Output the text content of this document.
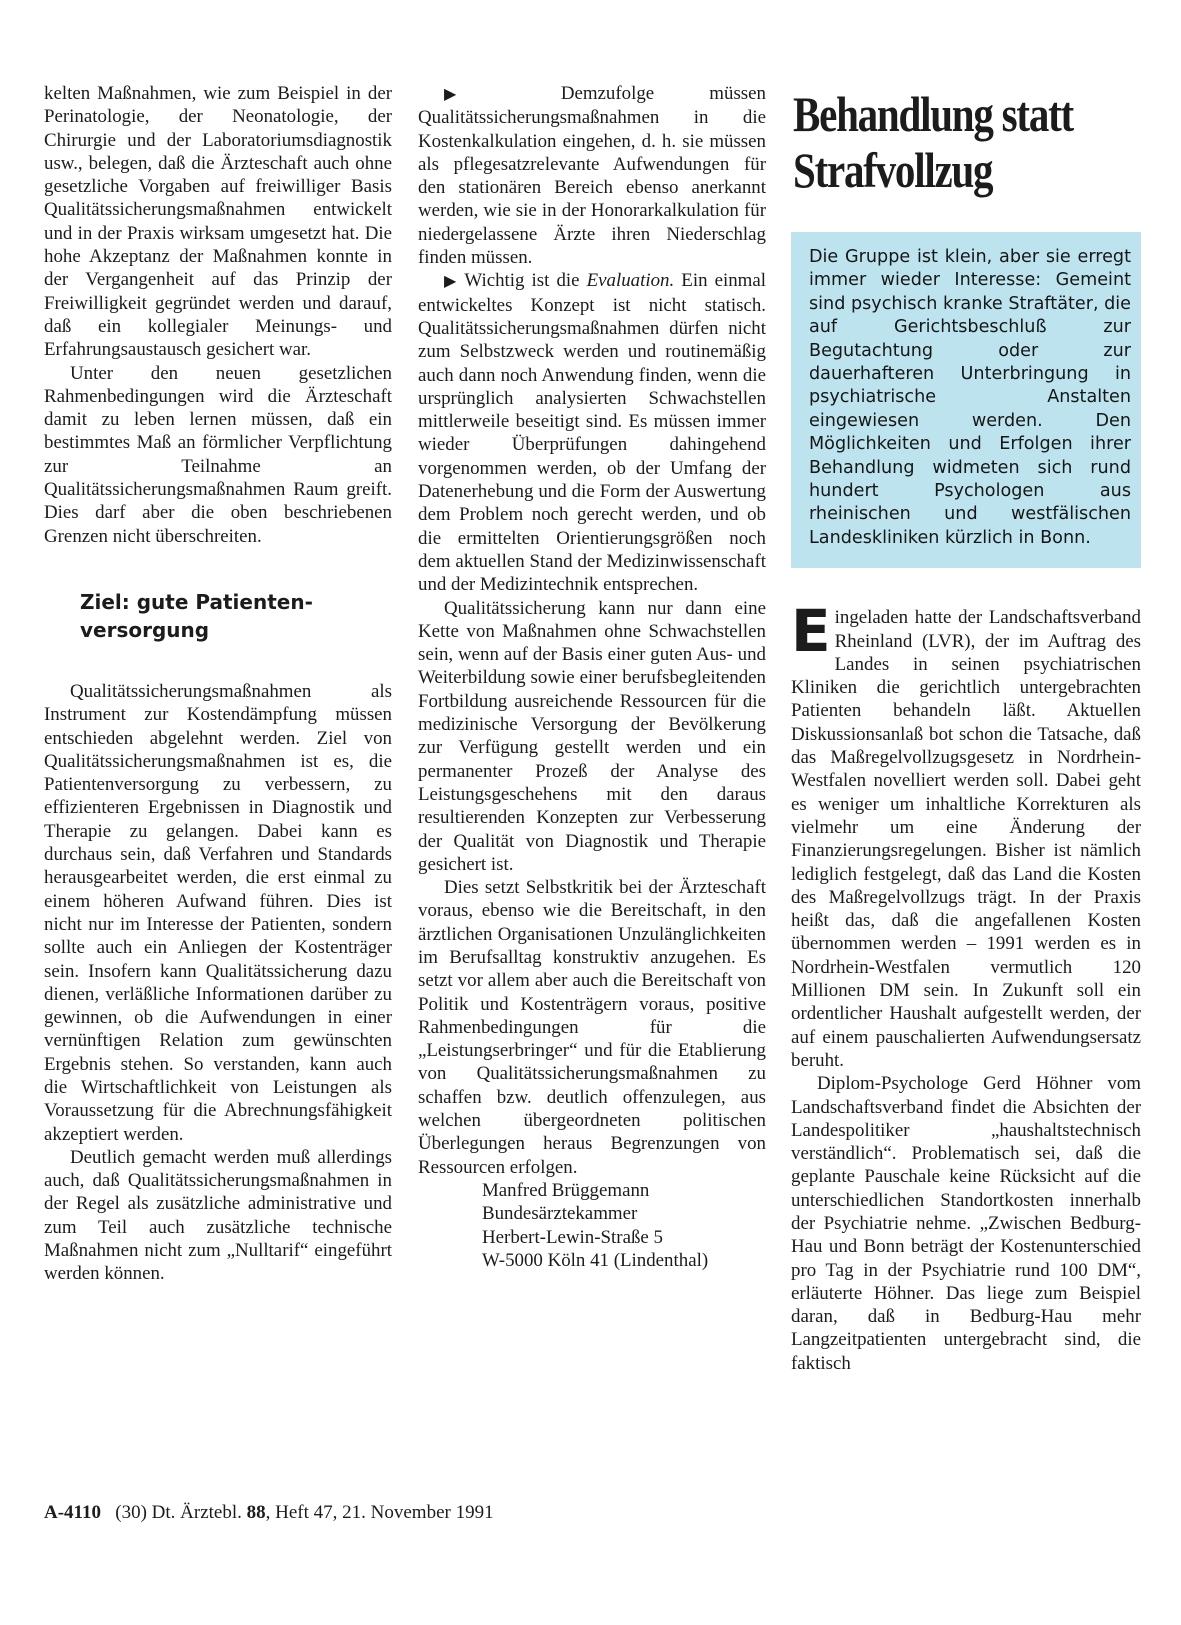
kelten Maßnahmen, wie zum Beispiel in der Perinatologie, der Neonatologie, der Chirurgie und der Laboratoriumsdiagnostik usw., belegen, daß die Ärzteschaft auch ohne gesetzliche Vorgaben auf freiwilliger Basis Qualitätssicherungsmaßnahmen entwickelt und in der Praxis wirksam umgesetzt hat. Die hohe Akzeptanz der Maßnahmen konnte in der Vergangenheit auf das Prinzip der Freiwilligkeit gegründet werden und darauf, daß ein kollegialer Meinungs- und Erfahrungsaustausch gesichert war.

Unter den neuen gesetzlichen Rahmenbedingungen wird die Ärzteschaft damit zu leben lernen müssen, daß ein bestimmtes Maß an förmlicher Verpflichtung zur Teilnahme an Qualitätssicherungsmaßnahmen Raum greift. Dies darf aber die oben beschriebenen Grenzen nicht überschreiten.

Ziel: gute Patienten-
versorgung

Qualitätssicherungsmaßnahmen als Instrument zur Kostendämpfung müssen entschieden abgelehnt werden. Ziel von Qualitätssicherungsmaßnahmen ist es, die Patientenversorgung zu verbessern, zu effizienteren Ergebnissen in Diagnostik und Therapie zu gelangen. Dabei kann es durchaus sein, daß Verfahren und Standards herausgearbeitet werden, die erst einmal zu einem höheren Aufwand führen. Dies ist nicht nur im Interesse der Patienten, sondern sollte auch ein Anliegen der Kostenträger sein. Insofern kann Qualitätssicherung dazu dienen, verläßliche Informationen darüber zu gewinnen, ob die Aufwendungen in einer vernünftigen Relation zum gewünschten Ergebnis stehen. So verstanden, kann auch die Wirtschaftlichkeit von Leistungen als Voraussetzung für die Abrechnungsfähigkeit akzeptiert werden.

Deutlich gemacht werden muß allerdings auch, daß Qualitätssicherungsmaßnahmen in der Regel als zusätzliche administrative und zum Teil auch zusätzliche technische Maßnahmen nicht zum „Nulltarif“ eingeführt werden können.

▶	Demzufolge müssen Qualitätssicherungsmaßnahmen in die Kostenkalkulation eingehen, d. h. sie müssen als pflegesatzrelevante Aufwendungen für den stationären Bereich ebenso anerkannt werden, wie sie in der Honorarkalkulation für niedergelassene Ärzte ihren Niederschlag finden müssen.

▶ Wichtig ist die Evaluation. Ein einmal entwickeltes Konzept ist nicht statisch. Qualitätssicherungsmaßnahmen dürfen nicht zum Selbstzweck werden und routinemäßig auch dann noch Anwendung finden, wenn die ursprünglich analysierten Schwachstellen mittlerweile beseitigt sind. Es müssen immer wieder Überprüfungen dahingehend vorgenommen werden, ob der Umfang der Datenerhebung und die Form der Auswertung dem Problem noch gerecht werden, und ob die ermittelten Orientierungsgrößen noch dem aktuellen Stand der Medizinwissenschaft und der Medizintechnik entsprechen.

Qualitätssicherung kann nur dann eine Kette von Maßnahmen ohne Schwachstellen sein, wenn auf der Basis einer guten Aus- und Weiterbildung sowie einer berufsbegleitenden Fortbildung ausreichende Ressourcen für die medizinische Versorgung der Bevölkerung zur Verfügung gestellt werden und ein permanenter Prozeß der Analyse des Leistungsgeschehens mit den daraus resultierenden Konzepten zur Verbesserung der Qualität von Diagnostik und Therapie gesichert ist.

Dies setzt Selbstkritik bei der Ärzteschaft voraus, ebenso wie die Bereitschaft, in den ärztlichen Organisationen Unzulänglichkeiten im Berufsalltag konstruktiv anzugehen. Es setzt vor allem aber auch die Bereitschaft von Politik und Kostenträgern voraus, positive Rahmenbedingungen für die „Leistungserbringer“ und für die Etablierung von Qualitätssicherungsmaßnahmen zu schaffen bzw. deutlich offenzulegen, aus welchen übergeordneten politischen Überlegungen heraus Begrenzungen von Ressourcen erfolgen.

Manfred Brüggemann
Bundesärztekammer
Herbert-Lewin-Straße 5
W-5000 Köln 41 (Lindenthal)
Behandlung statt
Strafvollzug
Die Gruppe ist klein, aber sie erregt immer wieder Interesse: Gemeint sind psychisch kranke Straftäter, die auf Gerichtsbeschluß zur Begutachtung oder zur dauerhafteren Unterbringung in psychiatrische Anstalten eingewiesen werden. Den Möglichkeiten und Erfolgen ihrer Behandlung widmeten sich rund hundert Psychologen aus rheinischen und westfälischen Landeskliniken kürzlich in Bonn.

Eingeladen hatte der Landschaftsverband Rheinland (LVR), der im Auftrag des Landes in seinen psychiatrischen Kliniken die gerichtlich untergebrachten Patienten behandeln läßt. Aktuellen Diskussionsanlaß bot schon die Tatsache, daß das Maßregelvollzugsgesetz in Nordrhein-Westfalen novelliert werden soll. Dabei geht es weniger um inhaltliche Korrekturen als vielmehr um eine Änderung der Finanzierungsregelungen. Bisher ist nämlich lediglich festgelegt, daß das Land die Kosten des Maßregelvollzugs trägt. In der Praxis heißt das, daß die angefallenen Kosten übernommen werden – 1991 werden es in Nordrhein-Westfalen vermutlich 120 Millionen DM sein. In Zukunft soll ein ordentlicher Haushalt aufgestellt werden, der auf einem pauschalierten Aufwendungsersatz beruht.

Diplom-Psychologe Gerd Höhner vom Landschaftsverband findet die Absichten der Landespolitiker „haushaltstechnisch verständlich“. Problematisch sei, daß die geplante Pauschale keine Rücksicht auf die unterschiedlichen Standortkosten innerhalb der Psychiatrie nehme. „Zwischen Bedburg-Hau und Bonn beträgt der Kostenunterschied pro Tag in der Psychiatrie rund 100 DM“, erläuterte Höhner. Das liege zum Beispiel daran, daß in Bedburg-Hau mehr Langzeitpatienten untergebracht sind, die faktisch

A-4110 (30) Dt. Ärztebl. 88, Heft 47, 21. November 1991
